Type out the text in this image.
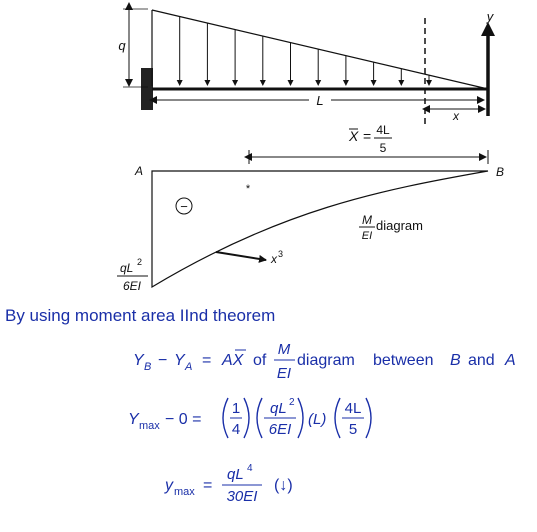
q
L
x
y
X = 4L
5
A	B
−
*
x 3
qL 2
6EI
M
EI
diagram
Y B − Y A = AX of
M
EI
diagram between B and A
Y max − 0 =
1
4
qL 2
6EI
(L)
4L
5
y max =
qL 4
30EI
(↓)
By using moment area IInd theorem
